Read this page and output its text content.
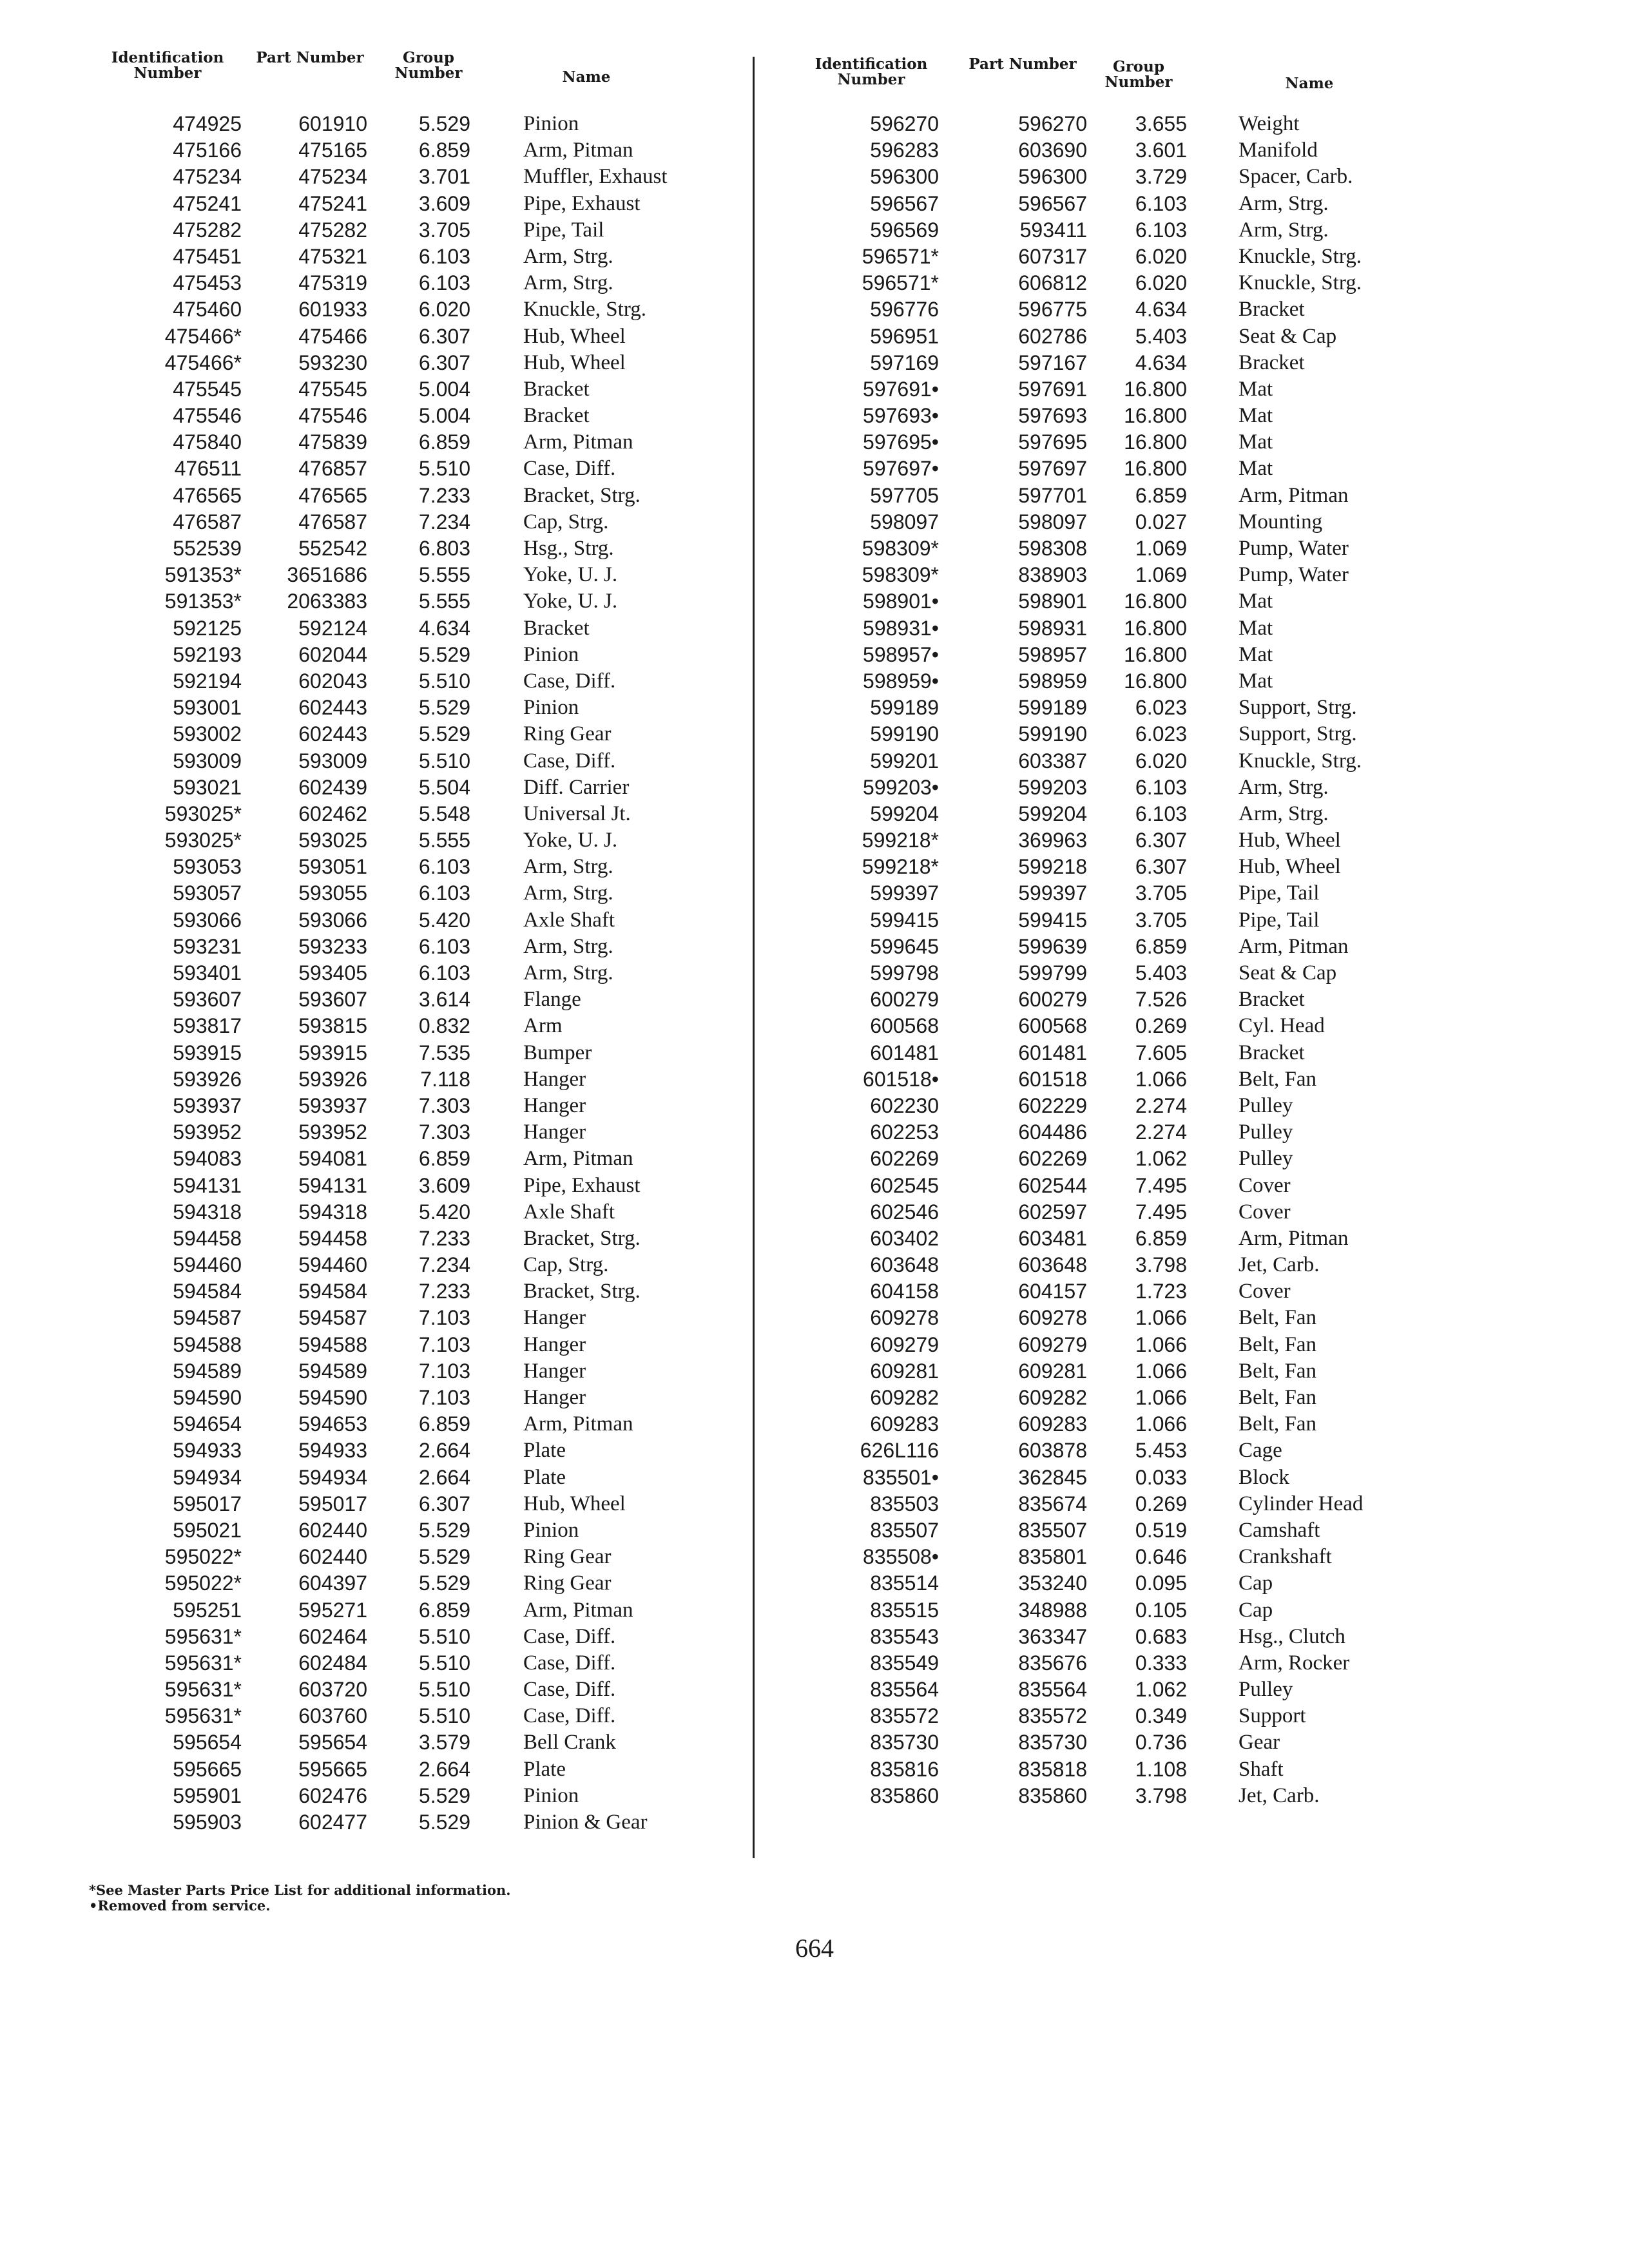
Identification Number
Part Number	Group Number	Name
474925	601910	5.529 Pinion
475166	475165	6.859 Arm, Pitman
475234	475234	3.701 Muffler, Exhaust
475241	475241	3.609 Pipe, Exhaust
475282	475282	3.705 Pipe, Tail
475451	475321	6.103 Arm, Strg.
475453	475319	6.103 Arm, Strg.
475460	601933	6.020 Knuckle, Strg.
475466*	475466	6.307 Hub, Wheel
475466*	593230	6.307 Hub, Wheel
475545	475545	5.004 Bracket
475546	475546	5.004 Bracket
475840	475839	6.859 Arm, Pitman
476511	476857	5.510 Case, Diff.
476565	476565	7.233 Bracket, Strg.
476587	476587	7.234 Cap, Strg.
552539	552542	6.803 Hsg., Strg.
591353*	3651686	5.555 Yoke, U. J.
591353*	2063383	5.555 Yoke, U. J.
592125	592124	4.634 Bracket
592193	602044	5.529 Pinion
592194	602043	5.510 Case, Diff.
593001	602443	5.529 Pinion
593002	602443	5.529 Ring Gear
593009	593009	5.510 Case, Diff.
593021	602439	5.504 Diff. Carrier
593025*	602462	5.548 Universal Jt.
593025*	593025	5.555 Yoke, U. J.
593053	593051	6.103 Arm, Strg.
593057	593055	6.103 Arm, Strg.
593066	593066	5.420 Axle Shaft
593231	593233	6.103 Arm, Strg.
593401	593405	6.103 Arm, Strg.
593607	593607	3.614 Flange
593817	593815	0.832 Arm
593915	593915	7.535 Bumper
593926	593926	7.118 Hanger
593937	593937	7.303 Hanger
593952	593952	7.303 Hanger
594083	594081	6.859 Arm, Pitman
594131	594131	3.609 Pipe, Exhaust
594318	594318	5.420 Axle Shaft
594458	594458	7.233 Bracket, Strg.
594460	594460	7.234 Cap, Strg.
594584	594584	7.233 Bracket, Strg.
594587	594587	7.103 Hanger
594588	594588	7.103 Hanger
594589	594589	7.103 Hanger
594590	594590	7.103 Hanger
594654	594653	6.859 Arm, Pitman
594933	594933	2.664 Plate
594934	594934	2.664 Plate
595017	595017	6.307 Hub, Wheel
595021	602440	5.529 Pinion
595022*	602440	5.529 Ring Gear
595022*	604397	5.529 Ring Gear
595251	595271	6.859 Arm, Pitman
595631*	602464	5.510 Case, Diff.
595631*	602484	5.510 Case, Diff.
595631*	603720	5.510 Case, Diff.
595631*	603760	5.510 Case, Diff.
595654	595654	3.579 Bell Crank
595665	595665	2.664 Plate
595901	602476	5.529 Pinion
595903	602477	5.529 Pinion & Gear
Identification Number
Part Number	Group Number	Name
596270	596270	3.655 Weight
596283	603690	3.601 Manifold
596300	596300	3.729 Spacer, Carb.
596567	596567	6.103 Arm, Strg.
596569	593411	6.103 Arm, Strg.
596571*	607317	6.020 Knuckle, Strg.
596571*	606812	6.020 Knuckle, Strg.
596776	596775	4.634 Bracket
596951	602786	5.403 Seat & Cap
597169	597167	4.634 Bracket
597691•	597691	16.800 Mat
597693•	597693	16.800 Mat
597695•	597695	16.800 Mat
597697•	597697	16.800 Mat
597705	597701	6.859 Arm, Pitman
598097	598097	0.027 Mounting
598309*	598308	1.069 Pump, Water
598309*	838903	1.069 Pump, Water
598901•	598901	16.800 Mat
598931•	598931	16.800 Mat
598957•	598957	16.800 Mat
598959•	598959	16.800 Mat
599189	599189	6.023 Support, Strg.
599190	599190	6.023 Support, Strg.
599201	603387	6.020 Knuckle, Strg.
599203•	599203	6.103 Arm, Strg.
599204	599204	6.103 Arm, Strg.
599218*	369963	6.307 Hub, Wheel
599218*	599218	6.307 Hub, Wheel
599397	599397	3.705 Pipe, Tail
599415	599415	3.705 Pipe, Tail
599645	599639	6.859 Arm, Pitman
599798	599799	5.403 Seat & Cap
600279	600279	7.526 Bracket
600568	600568	0.269 Cyl. Head
601481	601481	7.605 Bracket
601518•	601518	1.066 Belt, Fan
602230	602229	2.274 Pulley
602253	604486	2.274 Pulley
602269	602269	1.062 Pulley
602545	602544	7.495 Cover
602546	602597	7.495 Cover
603402	603481	6.859 Arm, Pitman
603648	603648	3.798 Jet, Carb.
604158	604157	1.723 Cover
609278	609278	1.066 Belt, Fan
609279	609279	1.066 Belt, Fan
609281	609281	1.066 Belt, Fan
609282	609282	1.066 Belt, Fan
609283	609283	1.066 Belt, Fan
626L116	603878	5.453 Cage
835501•	362845	0.033 Block
835503	835674	0.269 Cylinder Head
835507	835507	0.519 Camshaft
835508•	835801	0.646 Crankshaft
835514	353240	0.095 Cap
835515	348988	0.105 Cap
835543	363347	0.683 Hsg., Clutch
835549	835676	0.333 Arm, Rocker
835564	835564	1.062 Pulley
835572	835572	0.349 Support
835730	835730	0.736 Gear
835816	835818	1.108 Shaft
835860	835860	3.798 Jet, Carb.
*See Master Parts Price List for additional information.
•Removed from service.
664
